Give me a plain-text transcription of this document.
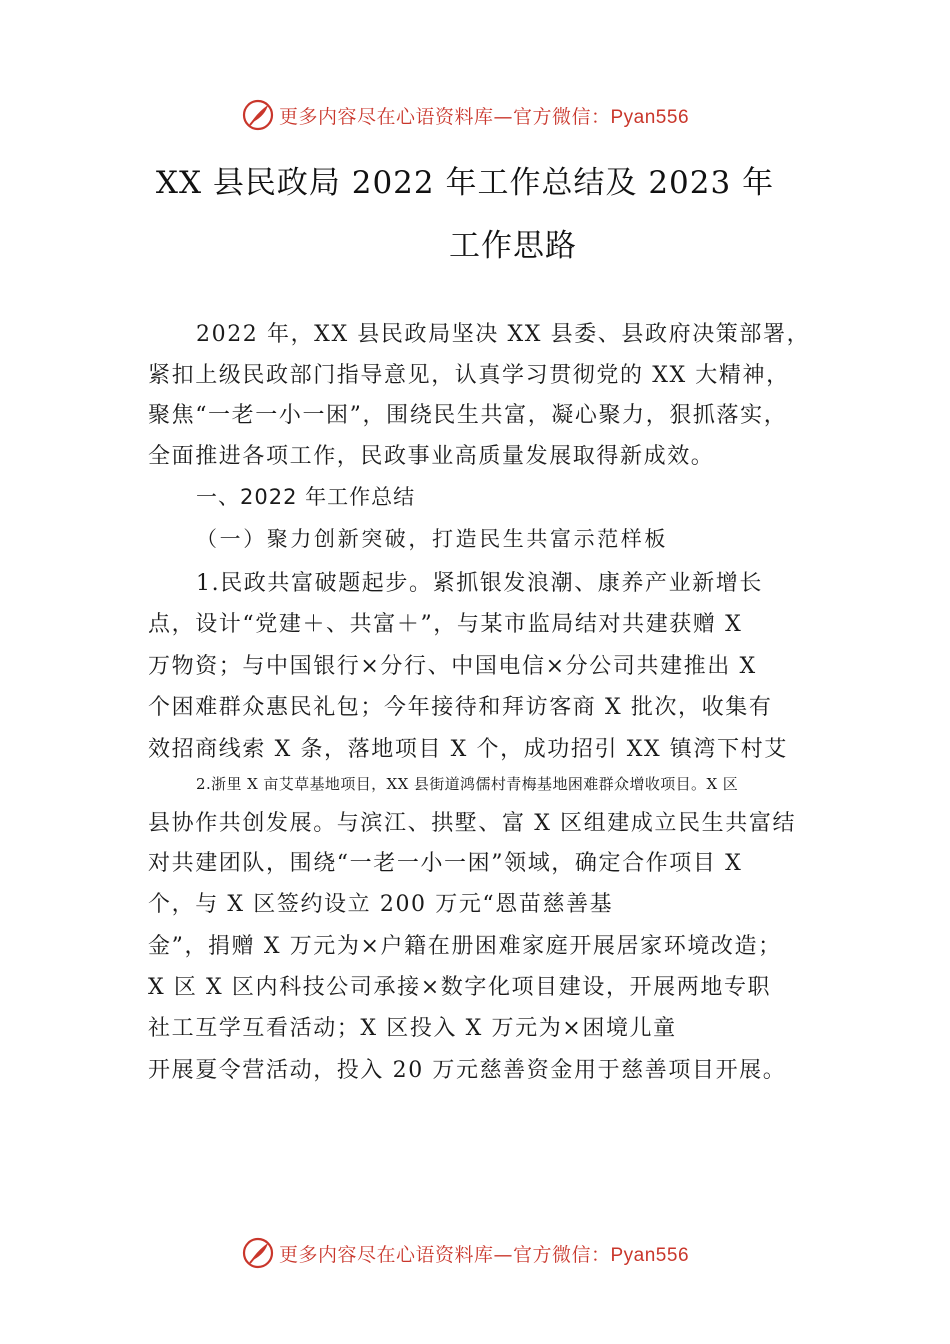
更多内容尽在心语资料库—官方微信：Pyan556
XX 县民政局 2022 年工作总结及 2023 年
工作思路
2022 年，XX 县民政局坚决 XX 县委、县政府决策部署，
紧扣上级民政部门指导意见，认真学习贯彻党的 XX 大精神，
聚焦“一老一小一困”，围绕民生共富，凝心聚力，狠抓落实，
全面推进各项工作，民政事业高质量发展取得新成效。
一、2022 年工作总结
（一）聚力创新突破，打造民生共富示范样板
1.民政共富破题起步。紧抓银发浪潮、康养产业新增长
点，设计“党建＋、共富＋”，与某市监局结对共建获赠 X
万物资；与中国银行×分行、中国电信×分公司共建推出 X
个困难群众惠民礼包；今年接待和拜访客商 X 批次，收集有
效招商线索 X 条，落地项目 X 个，成功招引 XX 镇湾下村艾
2.浙里 X 亩艾草基地项目，XX 县街道鸿儒村青梅基地困难群众增收项目。X 区
县协作共创发展。与滨江、拱墅、富 X 区组建成立民生共富结
对共建团队，围绕“一老一小一困”领域，确定合作项目 X
个，与 X 区签约设立 200 万元“恩苗慈善基
金”，捐赠 X 万元为×户籍在册困难家庭开展居家环境改造；
X 区 X 区内科技公司承接×数字化项目建设，开展两地专职
社工互学互看活动；X 区投入 X 万元为×困境儿童
开展夏令营活动，投入 20 万元慈善资金用于慈善项目开展。
更多内容尽在心语资料库—官方微信：Pyan556
